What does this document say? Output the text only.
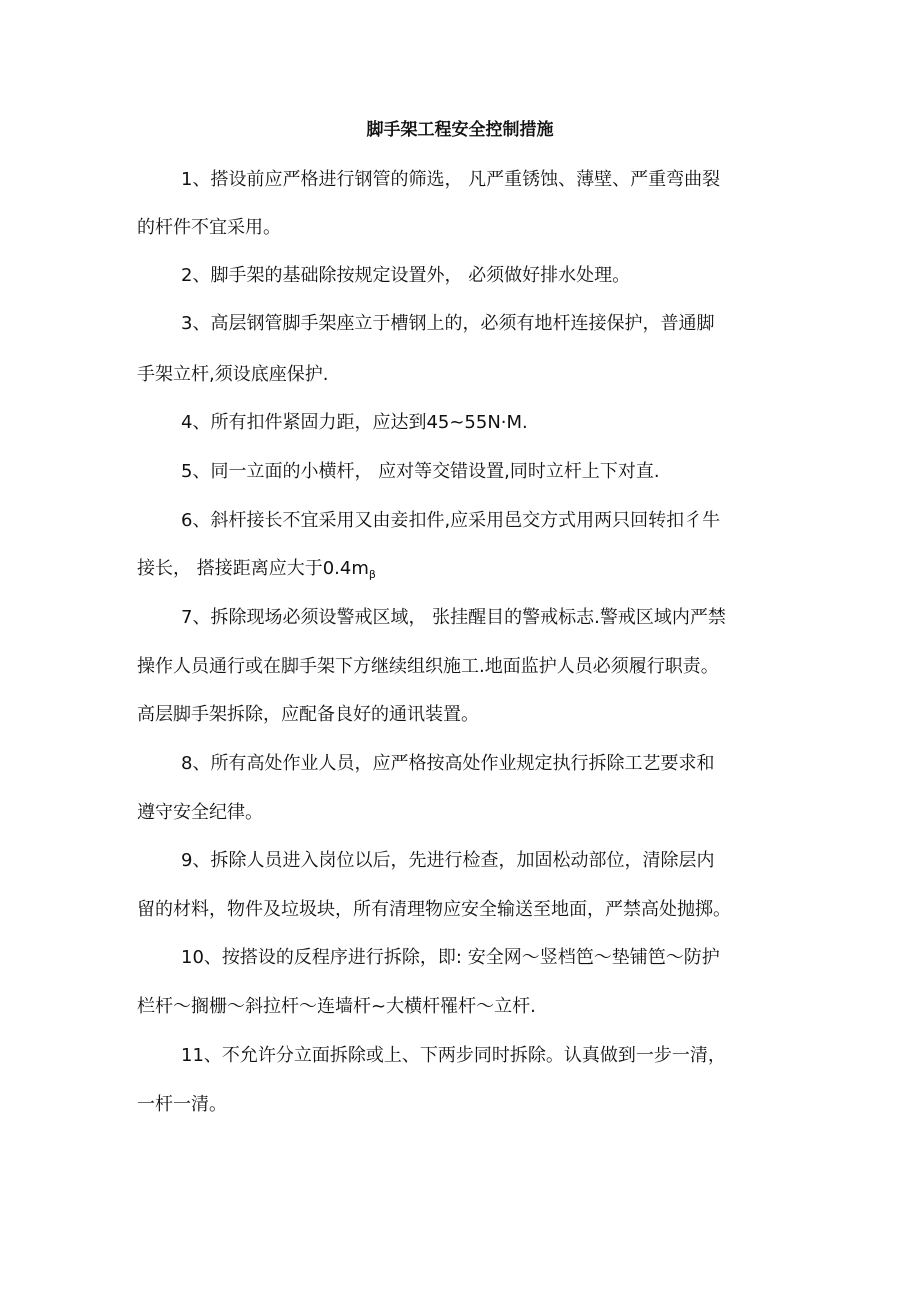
脚手架工程安全控制措施
1、搭设前应严格进行钢管的筛选， 凡严重锈蚀、薄壁、严重弯曲裂
的杆件不宜采用。
2、脚手架的基础除按规定设置外， 必须做好排水处理。
3、高层钢管脚手架座立于槽钢上的，必须有地杆连接保护，普通脚
手架立杆,须设底座保护.
4、所有扣件紧固力距，应达到45~55N·M.
5、同一立面的小横杆， 应对等交错设置,同时立杆上下对直.
6、斜杆接长不宜采用又由妾扣件,应采用邑交方式用两只回转扣彳牛
接长， 搭接距离应大于$0.4m_\beta$
7、拆除现场必须设警戒区域， 张挂醒目的警戒标志.警戒区域内严禁
操作人员通行或在脚手架下方继续组织施工.地面监护人员必须履行职责。
高层脚手架拆除，应配备良好的通讯装置。
8、所有高处作业人员，应严格按高处作业规定执行拆除工艺要求和
遵守安全纪律。
9、拆除人员进入岗位以后，先进行检查，加固松动部位，清除层内
留的材料，物件及垃圾块，所有清理物应安全输送至地面，严禁高处抛掷。
10、按搭设的反程序进行拆除，即: 安全网〜竖档笆〜垫铺笆〜防护
栏杆〜搁栅〜斜拉杆〜连墙杆~大横杆罹杆〜立杆.
11、不允许分立面拆除或上、下两步同时拆除。认真做到一步一清，
一杆一清。
